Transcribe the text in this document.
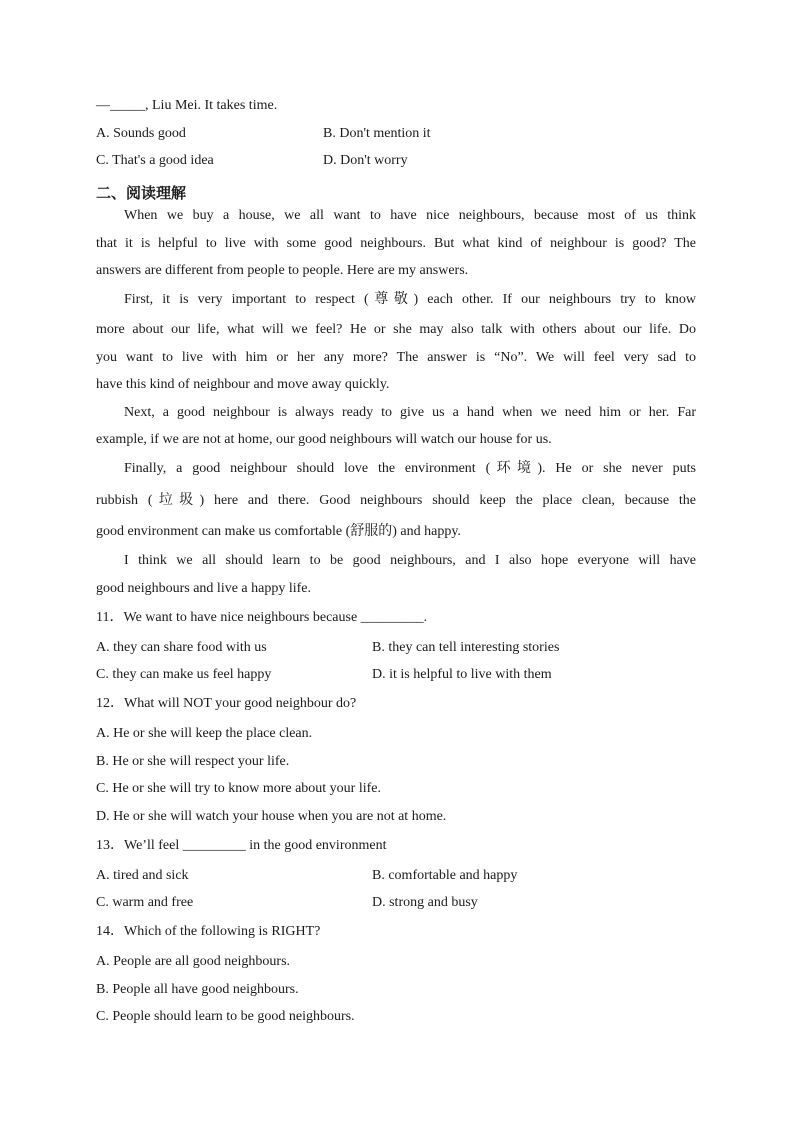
—_____, Liu Mei. It takes time.
A. Sounds good	B. Don't mention it
C. That's a good idea	D. Don't worry
二、阅读理解
When we buy a house, we all want to have nice neighbours, because most of us think
that it is helpful to live with some good neighbours. But what kind of neighbour is good? The
answers are different from people to people. Here are my answers.
First, it is very important to respect (尊敬) each other. If our neighbours try to know
more about our life, what will we feel? He or she may also talk with others about our life. Do
you want to live with him or her any more? The answer is “No”. We will feel very sad to
have this kind of neighbour and move away quickly.
Next, a good neighbour is always ready to give us a hand when we need him or her. Far
example, if we are not at home, our good neighbours will watch our house for us.
Finally, a good neighbour should love the environment (环境). He or she never puts
rubbish (垃圾) here and there. Good neighbours should keep the place clean, because the
good environment can make us comfortable (舒服的) and happy.
I think we all should learn to be good neighbours, and I also hope everyone will have
good neighbours and live a happy life.
11．We want to have nice neighbours because _________.
A. they can share food with us	B. they can tell interesting stories
C. they can make us feel happy	D. it is helpful to live with them
12．What will NOT your good neighbour do?
A. He or she will keep the place clean.
B. He or she will respect your life.
C. He or she will try to know more about your life.
D. He or she will watch your house when you are not at home.
13．We’ll feel _________ in the good environment
A. tired and sick	B. comfortable and happy
C. warm and free	D. strong and busy
14．Which of the following is RIGHT?
A. People are all good neighbours.
B. People all have good neighbours.
C. People should learn to be good neighbours.
